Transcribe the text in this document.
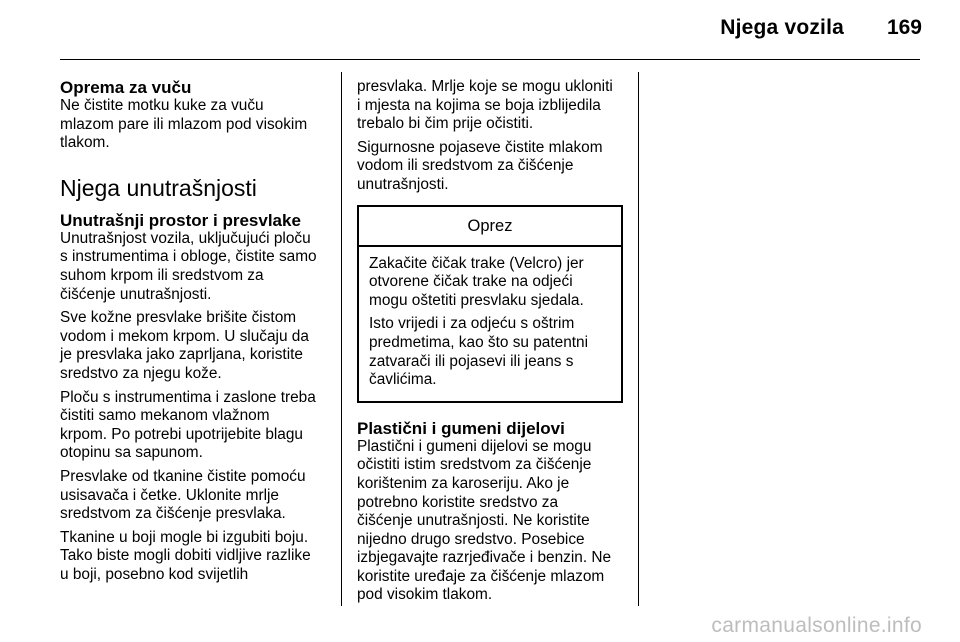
Njega vozila 169
Oprema za vuču

Ne čistite motku kuke za vuču
mlazom pare ili mlazom pod visokim
tlakom.

Njega unutrašnjosti
Unutrašnji prostor i presvlake

Unutrašnjost vozila, uključujući ploču
s instrumentima i obloge, čistite samo
suhom krpom ili sredstvom za
čišćenje unutrašnjosti.

Sve kožne presvlake brišite čistom
vodom i mekom krpom. U slučaju da
je presvlaka jako zaprljana, koristite
sredstvo za njegu kože.

Ploču s instrumentima i zaslone treba
čistiti samo mekanom vlažnom
krpom. Po potrebi upotrijebite blagu
otopinu sa sapunom.

Presvlake od tkanine čistite pomoću
usisavača i četke. Uklonite mrlje
sredstvom za čišćenje presvlaka.

Tkanine u boji mogle bi izgubiti boju.
Tako biste mogli dobiti vidljive razlike
u boji, posebno kod svijetlih

presvlaka. Mrlje koje se mogu ukloniti
i mjesta na kojima se boja izblijedila
trebalo bi čim prije očistiti.

Sigurnosne pojaseve čistite mlakom
vodom ili sredstvom za čišćenje
unutrašnjosti.

Oprez

Zakačite čičak trake (Velcro) jer
otvorene čičak trake na odjeći
mogu oštetiti presvlaku sjedala.

Isto vrijedi i za odjeću s oštrim
predmetima, kao što su patentni
zatvarači ili pojasevi ili jeans s
čavlićima.

Plastični i gumeni dijelovi

Plastični i gumeni dijelovi se mogu
očistiti istim sredstvom za čišćenje
korištenim za karoseriju. Ako je
potrebno koristite sredstvo za
čišćenje unutrašnjosti. Ne koristite
nijedno drugo sredstvo. Posebice
izbjegavajte razrjeđivače i benzin. Ne
koristite uređaje za čišćenje mlazom
pod visokim tlakom.

carmanualsonline.info
